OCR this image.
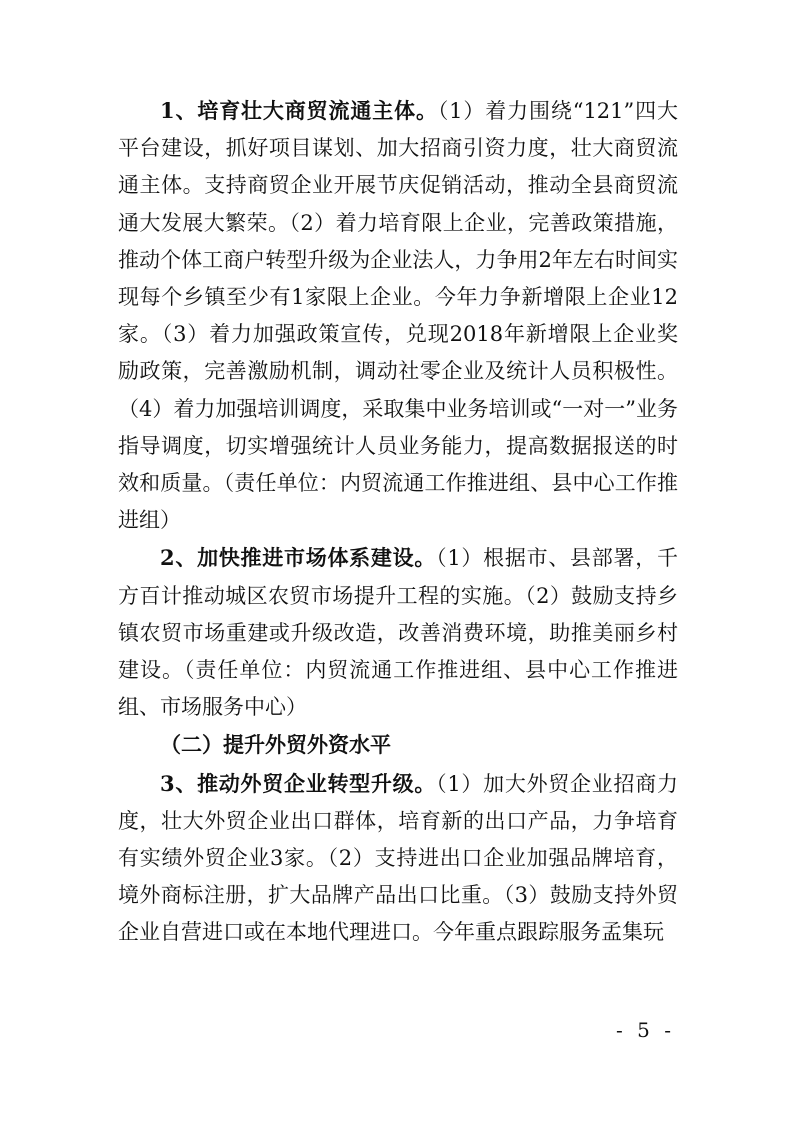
1、培育壮大商贸流通主体。（1）着力围绕“121”四大平台建设，抓好项目谋划、加大招商引资力度，壮大商贸流通主体。支持商贸企业开展节庆促销活动，推动全县商贸流通大发展大繁荣。（2）着力培育限上企业，完善政策措施，推动个体工商户转型升级为企业法人，力争用2年左右时间实现每个乡镇至少有1家限上企业。今年力争新增限上企业12家。（3）着力加强政策宣传，兑现2018年新增限上企业奖励政策，完善激励机制，调动社零企业及统计人员积极性。（4）着力加强培训调度，采取集中业务培训或“一对一”业务指导调度，切实增强统计人员业务能力，提高数据报送的时效和质量。（责任单位：内贸流通工作推进组、县中心工作推进组）

2、加快推进市场体系建设。（1）根据市、县部署，千方百计推动城区农贸市场提升工程的实施。（2）鼓励支持乡镇农贸市场重建或升级改造，改善消费环境，助推美丽乡村建设。（责任单位：内贸流通工作推进组、县中心工作推进组、市场服务中心）

（二）提升外贸外资水平

3、推动外贸企业转型升级。（1）加大外贸企业招商力度，壮大外贸企业出口群体，培育新的出口产品，力争培育有实绩外贸企业3家。（2）支持进出口企业加强品牌培育，境外商标注册，扩大品牌产品出口比重。（3）鼓励支持外贸企业自营进口或在本地代理进口。今年重点跟踪服务孟集玩

- 5 -
